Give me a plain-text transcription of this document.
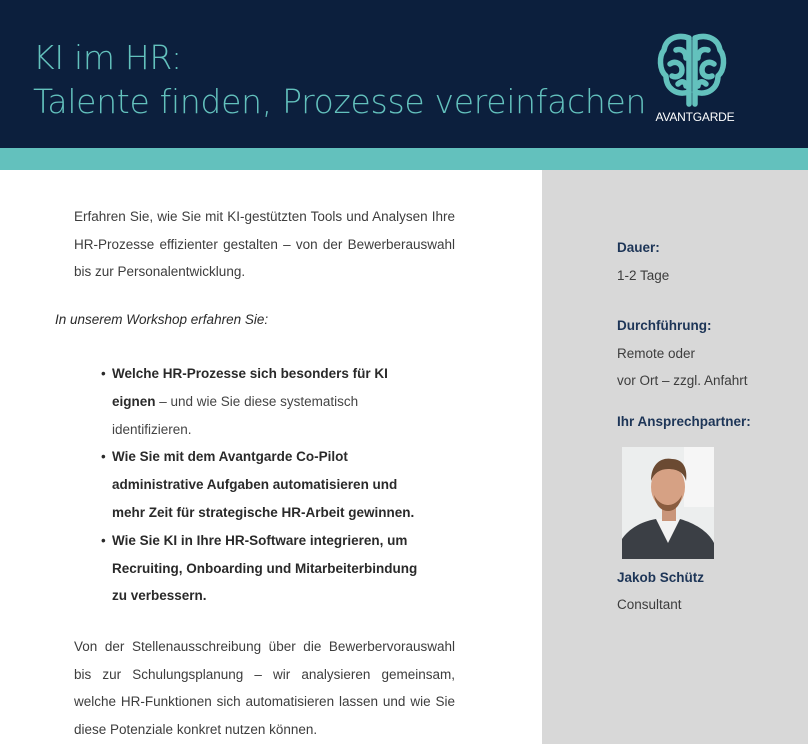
KI im HR:
Talente finden, Prozesse vereinfachen AVANTGARDE
Erfahren Sie, wie Sie mit KI-gestützten Tools und Analysen Ihre HR-Prozesse effizienter gestalten – von der Bewerberauswahl bis zur Personalentwicklung.
In unserem Workshop erfahren Sie:
• Welche HR-Prozesse sich besonders für KI eignen – und wie Sie diese systematisch identifizieren.
• Wie Sie mit dem Avantgarde Co-Pilot administrative Aufgaben automatisieren und mehr Zeit für strategische HR-Arbeit gewinnen.
• Wie Sie KI in Ihre HR-Software integrieren, um Recruiting, Onboarding und Mitarbeiterbindung zu verbessern.
Von der Stellenausschreibung über die Bewerbervorauswahl bis zur Schulungsplanung – wir analysieren gemeinsam, welche HR-Funktionen sich automatisieren lassen und wie Sie diese Potenziale konkret nutzen können.
Dauer:
1-2 Tage
Durchführung:
Remote oder
vor Ort – zzgl. Anfahrt
Ihr Ansprechpartner:
Jakob Schütz
Consultant
